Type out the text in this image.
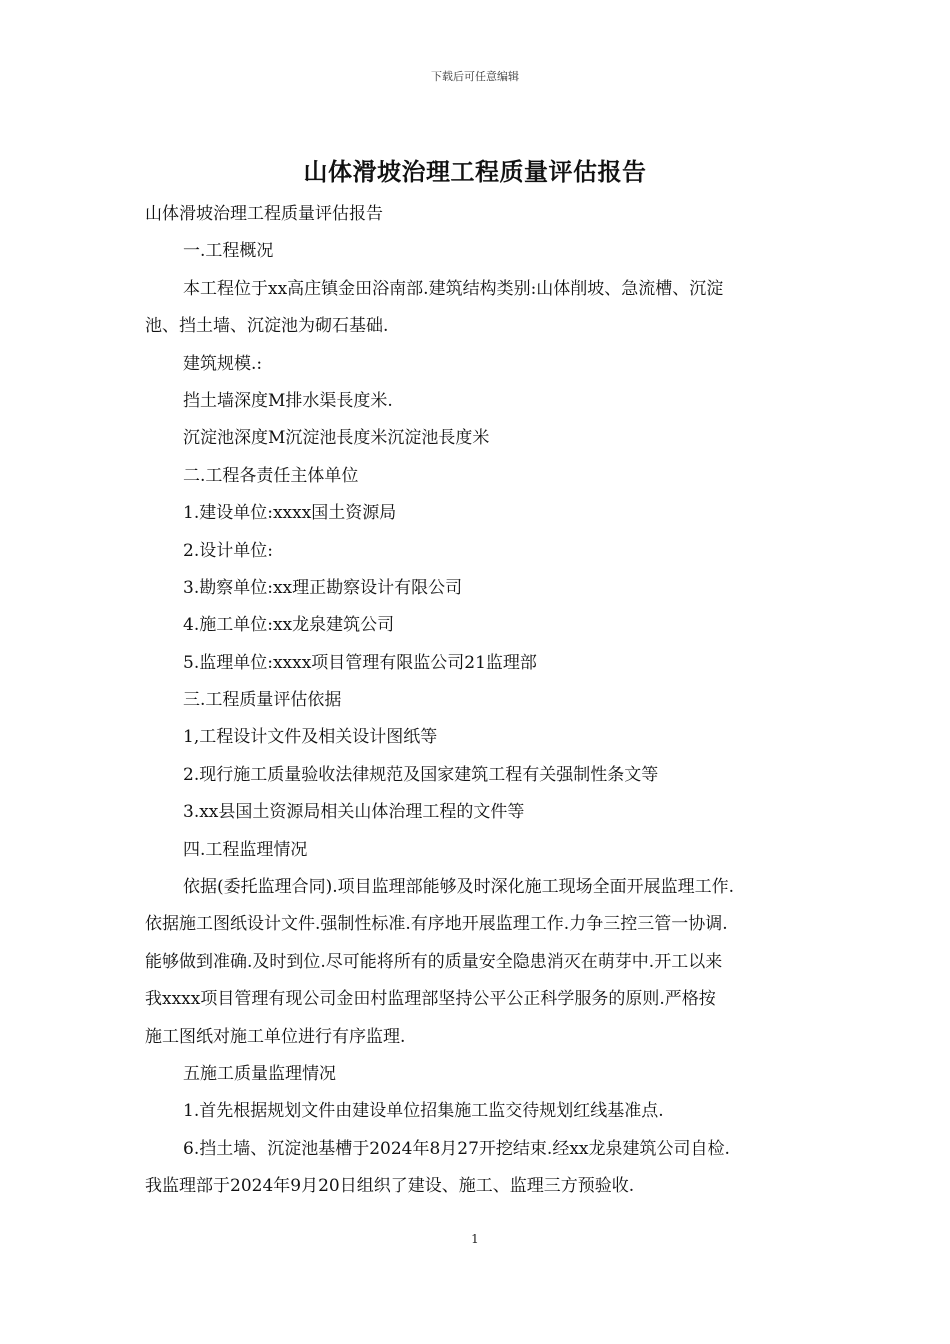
下载后可任意编辑
山体滑坡治理工程质量评估报告
山体滑坡治理工程质量评估报告
一.工程概况
本工程位于xx高庄镇金田浴南部.建筑结构类别:山体削坡、急流槽、沉淀
池、挡土墙、沉淀池为砌石基础.
建筑规模.:
挡土墙深度M排水渠長度米.
沉淀池深度M沉淀池長度米沉淀池長度米
二.工程各责任主体单位
1.建设单位:xxxx国土资源局
2.设计单位:
3.勘察单位:xx理正勘察设计有限公司
4.施工单位:xx龙泉建筑公司
5.监理单位:xxxx项目管理有限监公司21监理部
三.工程质量评估依据
1,工程设计文件及相关设计图纸等
2.现行施工质量验收法律规范及国家建筑工程有关强制性条文等
3.xx县国土资源局相关山体治理工程的文件等
四.工程监理情况
依据(委托监理合同).项目监理部能够及时深化施工现场全面开展监理工作.
依据施工图纸设计文件.强制性标准.有序地开展监理工作.力争三控三管一协调.
能够做到准确.及时到位.尽可能将所有的质量安全隐患消灭在萌芽中.开工以来
我xxxx项目管理有现公司金田村监理部坚持公平公正科学服务的原则.严格按
施工图纸对施工单位进行有序监理.
五施工质量监理情况
1.首先根据规划文件由建设单位招集施工监交待规划红线基准点.
6.挡土墙、沉淀池基槽于2024年8月27开挖结束.经xx龙泉建筑公司自检.
我监理部于2024年9月20日组织了建设、施工、监理三方预验收.
1
